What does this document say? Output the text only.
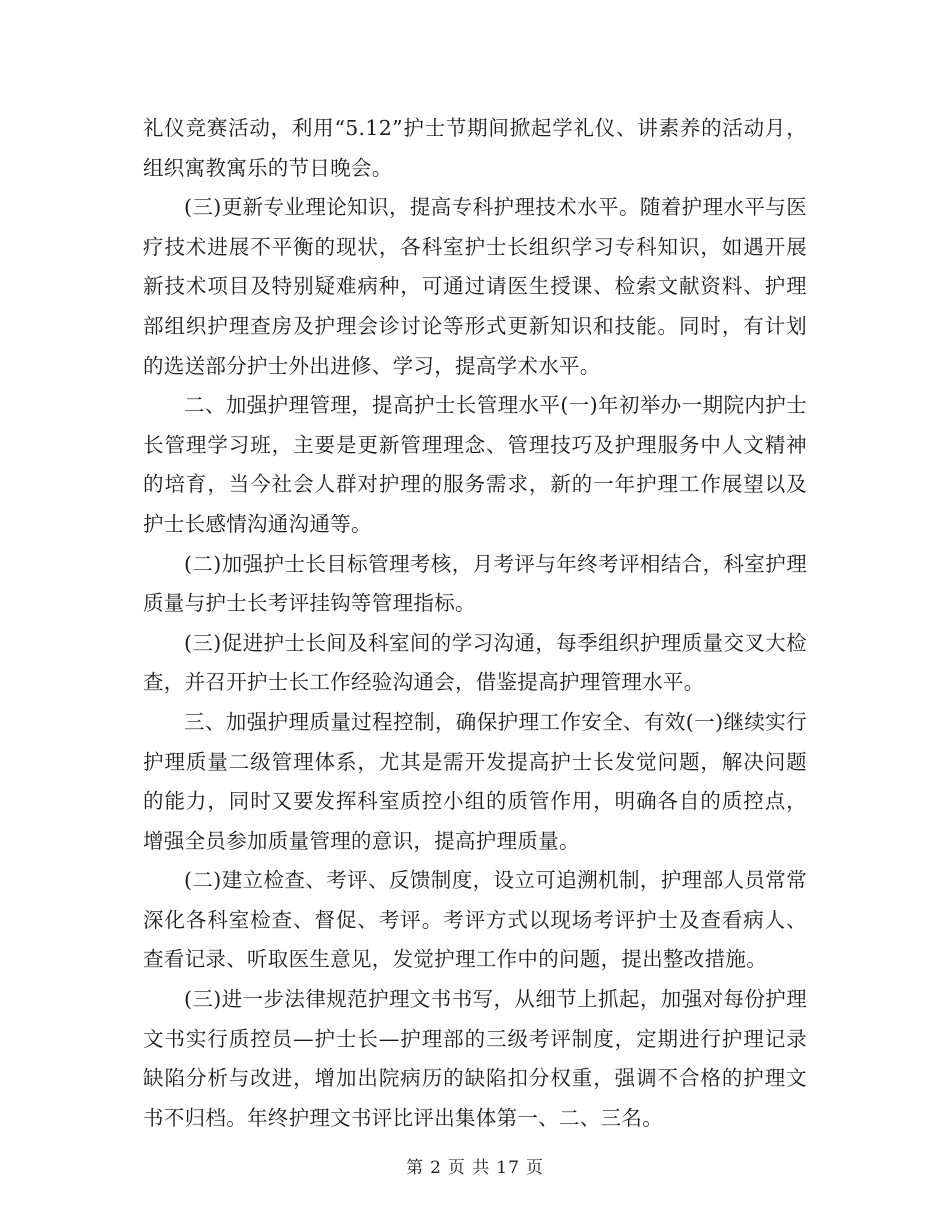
礼仪竞赛活动，利用“5.12”护士节期间掀起学礼仪、讲素养的活动月，组织寓教寓乐的节日晚会。

(三)更新专业理论知识，提高专科护理技术水平。随着护理水平与医疗技术进展不平衡的现状，各科室护士长组织学习专科知识，如遇开展新技术项目及特别疑难病种，可通过请医生授课、检索文献资料、护理部组织护理查房及护理会诊讨论等形式更新知识和技能。同时，有计划的选送部分护士外出进修、学习，提高学术水平。

二、加强护理管理，提高护士长管理水平(一)年初举办一期院内护士长管理学习班，主要是更新管理理念、管理技巧及护理服务中人文精神的培育，当今社会人群对护理的服务需求，新的一年护理工作展望以及护士长感情沟通沟通等。

(二)加强护士长目标管理考核，月考评与年终考评相结合，科室护理质量与护士长考评挂钩等管理指标。

(三)促进护士长间及科室间的学习沟通，每季组织护理质量交叉大检查，并召开护士长工作经验沟通会，借鉴提高护理管理水平。

三、加强护理质量过程控制，确保护理工作安全、有效(一)继续实行护理质量二级管理体系，尤其是需开发提高护士长发觉问题，解决问题的能力，同时又要发挥科室质控小组的质管作用，明确各自的质控点，增强全员参加质量管理的意识，提高护理质量。

(二)建立检查、考评、反馈制度，设立可追溯机制，护理部人员常常深化各科室检查、督促、考评。考评方式以现场考评护士及查看病人、查看记录、听取医生意见，发觉护理工作中的问题，提出整改措施。

(三)进一步法律规范护理文书书写，从细节上抓起，加强对每份护理文书实行质控员—护士长—护理部的三级考评制度，定期进行护理记录缺陷分析与改进，增加出院病历的缺陷扣分权重，强调不合格的护理文书不归档。年终护理文书评比评出集体第一、二、三名。

第 2 页 共 17 页
